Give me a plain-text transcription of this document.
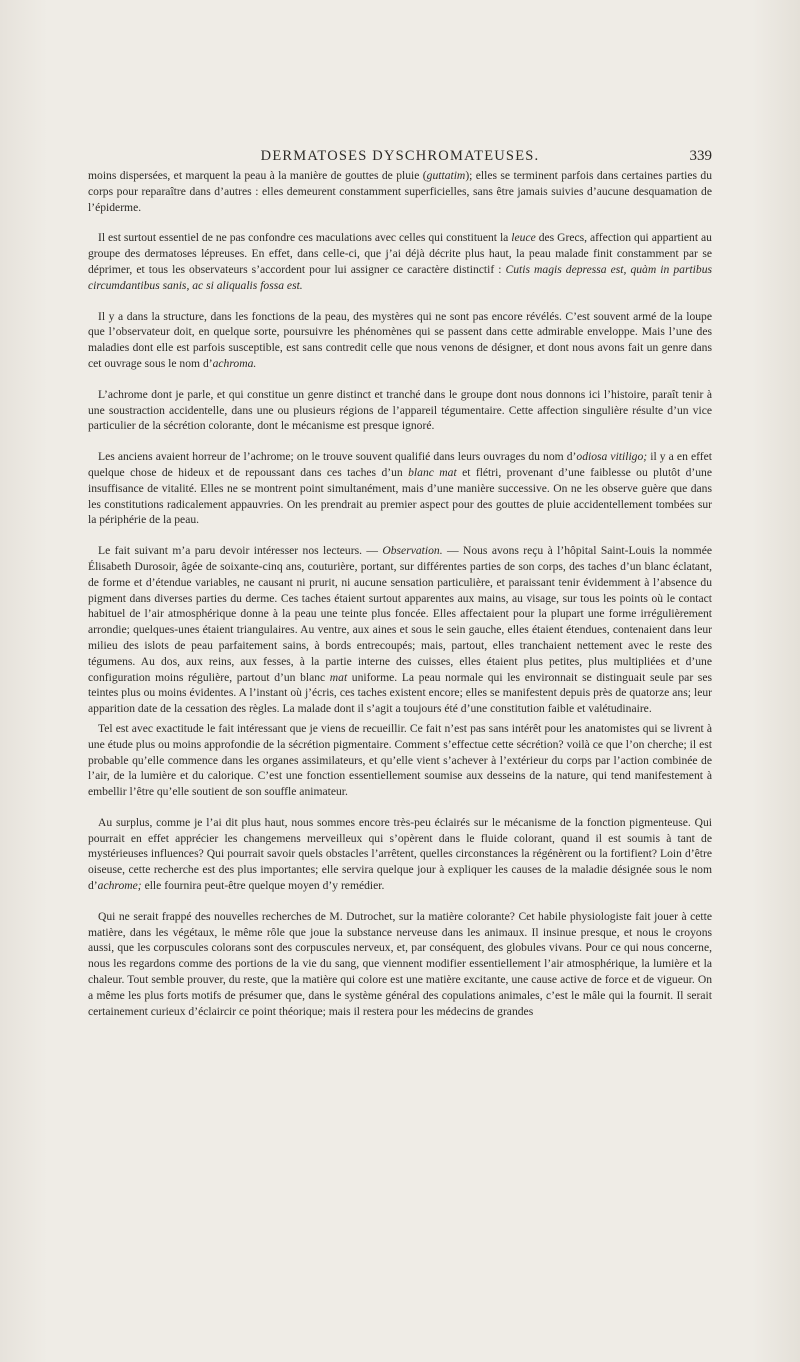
DERMATOSES DYSCHROMATEUSES.	339

moins dispersées, et marquent la peau à la manière de gouttes de pluie (guttatim); elles se terminent parfois dans certaines parties du corps pour reparaître dans d’autres : elles demeurent constamment superficielles, sans être jamais suivies d’aucune desquamation de l’épiderme.

Il est surtout essentiel de ne pas confondre ces maculations avec celles qui constituent la leuce des Grecs, affection qui appartient au groupe des dermatoses lépreuses. En effet, dans celle-ci, que j’ai déjà décrite plus haut, la peau malade finit constamment par se déprimer, et tous les observateurs s’accordent pour lui assigner ce caractère distinctif : Cutis magis depressa est, quàm in partibus circumdantibus sanis, ac si aliqualis fossa est.

Il y a dans la structure, dans les fonctions de la peau, des mystères qui ne sont pas encore révélés. C’est souvent armé de la loupe que l’observateur doit, en quelque sorte, poursuivre les phénomènes qui se passent dans cette admirable enveloppe. Mais l’une des maladies dont elle est parfois susceptible, est sans contredit celle que nous venons de désigner, et dont nous avons fait un genre dans cet ouvrage sous le nom d’achroma.

L’achrome dont je parle, et qui constitue un genre distinct et tranché dans le groupe dont nous donnons ici l’histoire, paraît tenir à une soustraction accidentelle, dans une ou plusieurs régions de l’appareil tégumentaire. Cette affection singulière résulte d’un vice particulier de la sécrétion colorante, dont le mécanisme est presque ignoré.

Les anciens avaient horreur de l’achrome; on le trouve souvent qualifié dans leurs ouvrages du nom d’odiosa vitiligo; il y a en effet quelque chose de hideux et de repoussant dans ces taches d’un blanc mat et flétri, provenant d’une faiblesse ou plutôt d’une insuffisance de vitalité. Elles ne se montrent point simultanément, mais d’une manière successive. On ne les observe guère que dans les constitutions radicalement appauvries. On les prendrait au premier aspect pour des gouttes de pluie accidentellement tombées sur la périphérie de la peau.

Le fait suivant m’a paru devoir intéresser nos lecteurs. — Observation. — Nous avons reçu à l’hôpital Saint-Louis la nommée Élisabeth Durosoir, âgée de soixante-cinq ans, couturière, portant, sur différentes parties de son corps, des taches d’un blanc éclatant, de forme et d’étendue variables, ne causant ni prurit, ni aucune sensation particulière, et paraissant tenir évidemment à l’absence du pigment dans diverses parties du derme. Ces taches étaient surtout apparentes aux mains, au visage, sur tous les points où le contact habituel de l’air atmosphérique donne à la peau une teinte plus foncée. Elles affectaient pour la plupart une forme irrégulièrement arrondie; quelques-unes étaient triangulaires. Au ventre, aux aines et sous le sein gauche, elles étaient étendues, contenaient dans leur milieu des islots de peau parfaitement sains, à bords entrecoupés; mais, partout, elles tranchaient nettement avec le reste des tégumens. Au dos, aux reins, aux fesses, à la partie interne des cuisses, elles étaient plus petites, plus multipliées et d’une configuration moins régulière, partout d’un blanc mat uniforme. La peau normale qui les environnait se distinguait seule par ses teintes plus ou moins évidentes. A l’instant où j’écris, ces taches existent encore; elles se manifestent depuis près de quatorze ans; leur apparition date de la cessation des règles. La malade dont il s’agit a toujours été d’une constitution faible et valétudinaire.

Tel est avec exactitude le fait intéressant que je viens de recueillir. Ce fait n’est pas sans intérêt pour les anatomistes qui se livrent à une étude plus ou moins approfondie de la sécrétion pigmentaire. Comment s’effectue cette sécrétion? voilà ce que l’on cherche; il est probable qu’elle commence dans les organes assimilateurs, et qu’elle vient s’achever à l’extérieur du corps par l’action combinée de l’air, de la lumière et du calorique. C’est une fonction essentiellement soumise aux desseins de la nature, qui tend manifestement à embellir l’être qu’elle soutient de son souffle animateur.

Au surplus, comme je l’ai dit plus haut, nous sommes encore très-peu éclairés sur le mécanisme de la fonction pigmenteuse. Qui pourrait en effet apprécier les changemens merveilleux qui s’opèrent dans le fluide colorant, quand il est soumis à tant de mystérieuses influences? Qui pourrait savoir quels obstacles l’arrêtent, quelles circonstances la régénèrent ou la fortifient? Loin d’être oiseuse, cette recherche est des plus importantes; elle servira quelque jour à expliquer les causes de la maladie désignée sous le nom d’achrome; elle fournira peut-être quelque moyen d’y remédier.

Qui ne serait frappé des nouvelles recherches de M. Dutrochet, sur la matière colorante? Cet habile physiologiste fait jouer à cette matière, dans les végétaux, le même rôle que joue la substance nerveuse dans les animaux. Il insinue presque, et nous le croyons aussi, que les corpuscules colorans sont des corpuscules nerveux, et, par conséquent, des globules vivans. Pour ce qui nous concerne, nous les regardons comme des portions de la vie du sang, que viennent modifier essentiellement l’air atmosphérique, la lumière et la chaleur. Tout semble prouver, du reste, que la matière qui colore est une matière excitante, une cause active de force et de vigueur. On a même les plus forts motifs de présumer que, dans le système général des copulations animales, c’est le mâle qui la fournit. Il serait certainement curieux d’éclaircir ce point théorique; mais il restera pour les médecins de grandes
